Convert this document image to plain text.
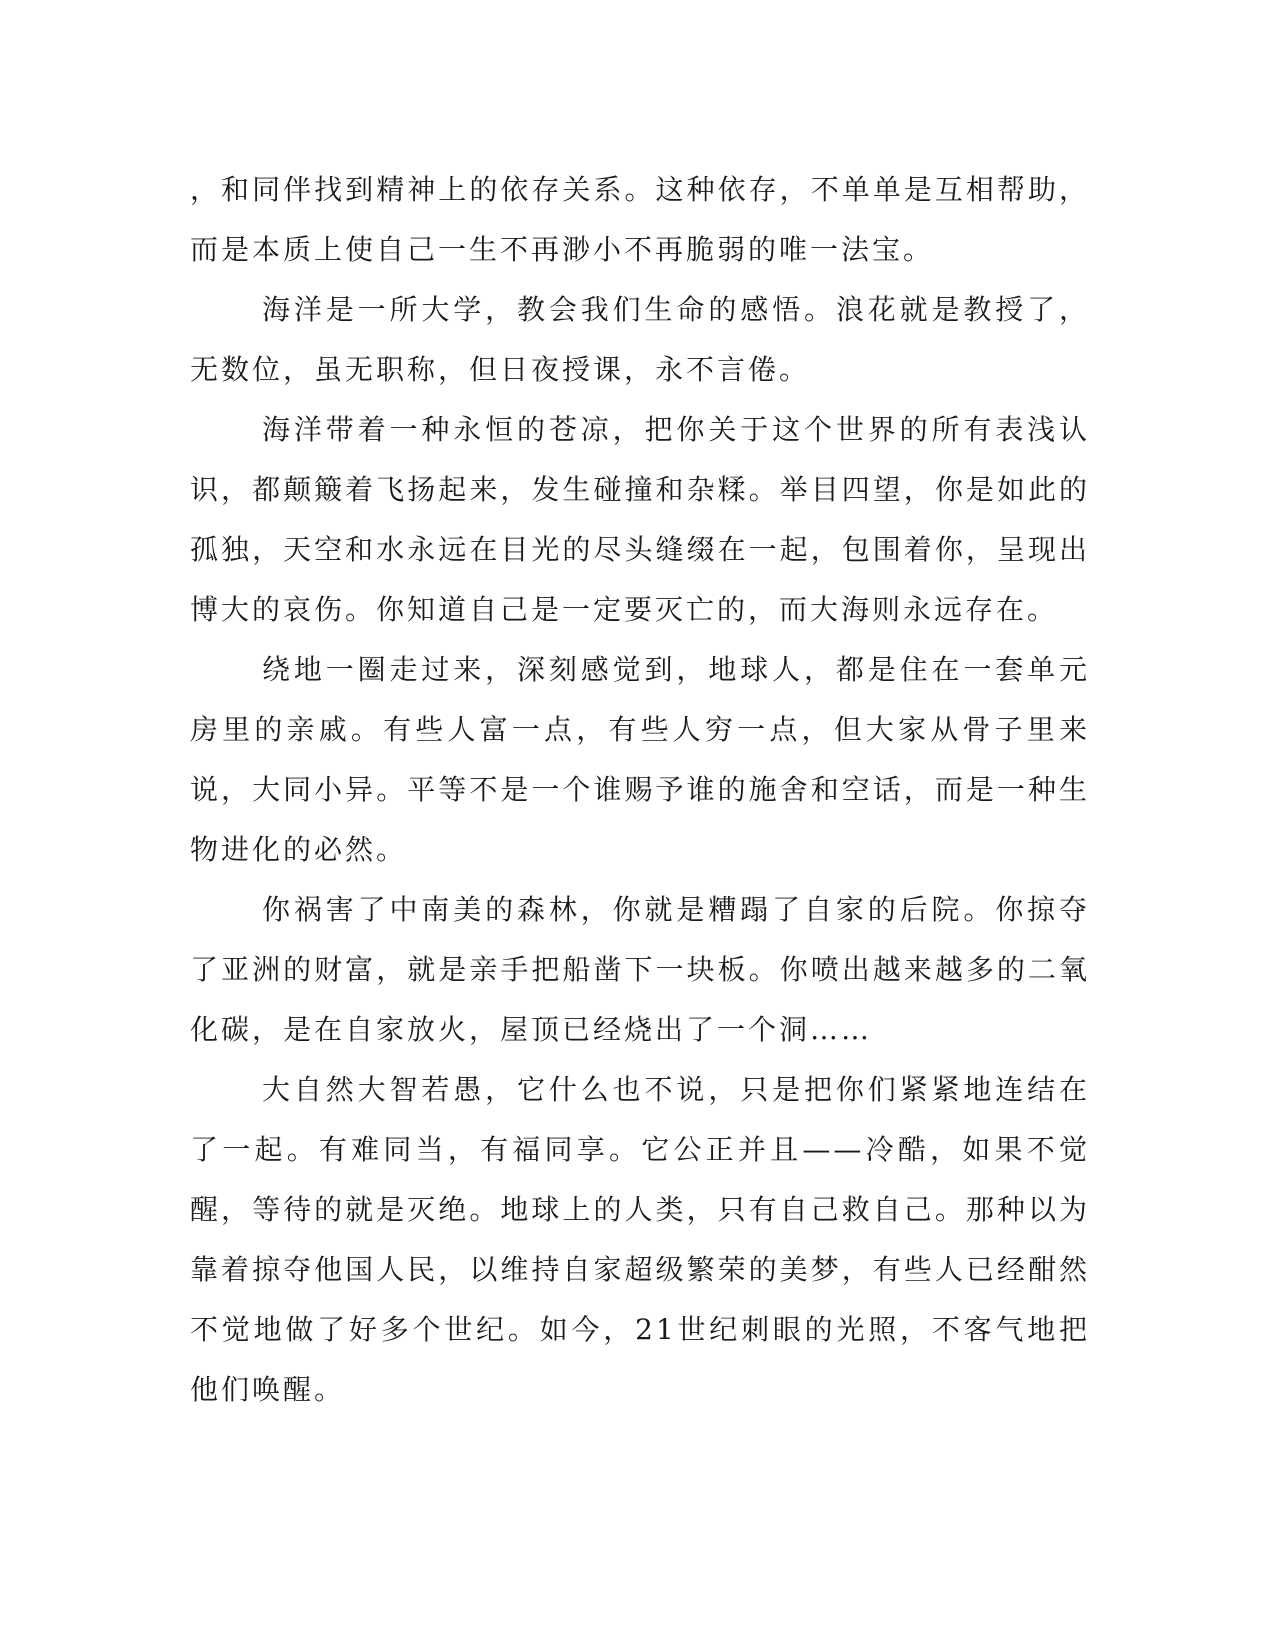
，和同伴找到精神上的依存关系。这种依存，不单单是互相帮助，而是本质上使自己一生不再渺小不再脆弱的唯一法宝。

海洋是一所大学，教会我们生命的感悟。浪花就是教授了，无数位，虽无职称，但日夜授课，永不言倦。

海洋带着一种永恒的苍凉，把你关于这个世界的所有表浅认识，都颠簸着飞扬起来，发生碰撞和杂糅。举目四望，你是如此的孤独，天空和水永远在目光的尽头缝缀在一起，包围着你，呈现出博大的哀伤。你知道自己是一定要灭亡的，而大海则永远存在。

绕地一圈走过来，深刻感觉到，地球人，都是住在一套单元房里的亲戚。有些人富一点，有些人穷一点，但大家从骨子里来说，大同小异。平等不是一个谁赐予谁的施舍和空话，而是一种生物进化的必然。

你祸害了中南美的森林，你就是糟蹋了自家的后院。你掠夺了亚洲的财富，就是亲手把船凿下一块板。你喷出越来越多的二氧化碳，是在自家放火，屋顶已经烧出了一个洞……

大自然大智若愚，它什么也不说，只是把你们紧紧地连结在了一起。有难同当，有福同享。它公正并且——冷酷，如果不觉醒，等待的就是灭绝。地球上的人类，只有自己救自己。那种以为靠着掠夺他国人民，以维持自家超级繁荣的美梦，有些人已经酣然不觉地做了好多个世纪。如今，21世纪刺眼的光照，不客气地把他们唤醒。
